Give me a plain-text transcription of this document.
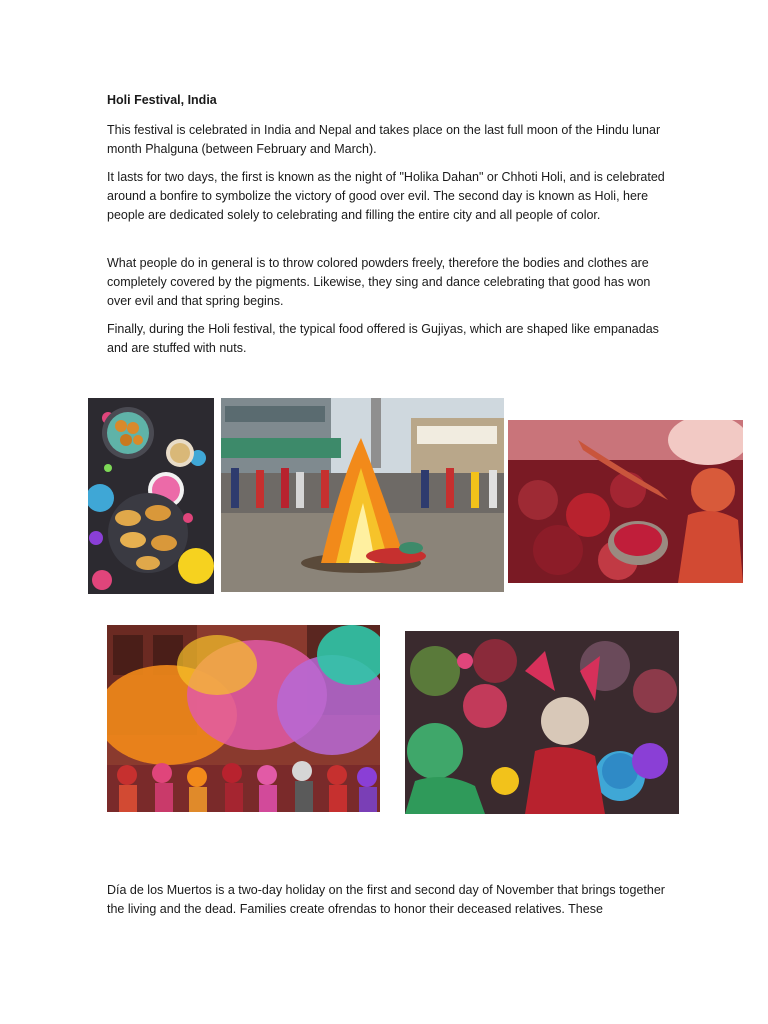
Holi Festival, India

This festival is celebrated in India and Nepal and takes place on the last full moon of the Hindu lunar month Phalguna (between February and March).

It lasts for two days, the first is known as the night of "Holika Dahan" or Chhoti Holi, and is celebrated around a bonfire to symbolize the victory of good over evil. The second day is known as Holi, here people are dedicated solely to celebrating and filling the entire city and all people of color.

What people do in general is to throw colored powders freely, therefore the bodies and clothes are completely covered by the pigments. Likewise, they sing and dance celebrating that good has won over evil and that spring begins.

Finally, during the Holi festival, the typical food offered is Gujiyas, which are shaped like empanadas and are stuffed with nuts.

Día de los Muertos is a two-day holiday on the first and second day of November that brings together the living and the dead. Families create ofrendas to honor their deceased relatives. These
